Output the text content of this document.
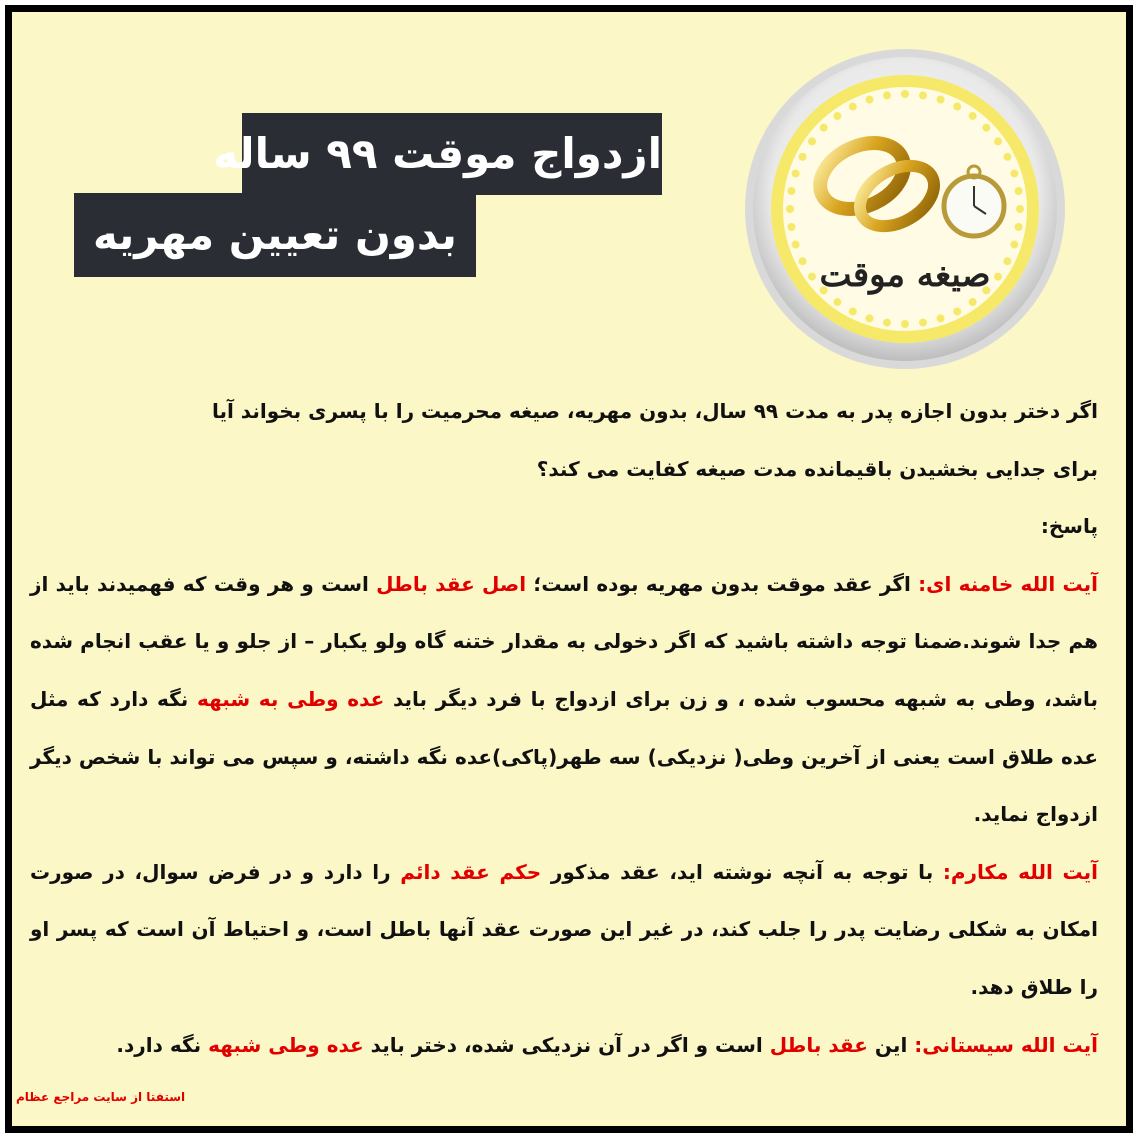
ازدواج موقت ۹۹ ساله
بدون تعیین مهریه
صیغه موقت

اگر دختر بدون اجازه پدر به مدت ۹۹ سال، بدون مهریه، صیغه محرمیت را با پسری بخواند آیا

برای جدایی بخشیدن باقیمانده مدت صیغه کفایت می کند؟

پاسخ:

آیت الله خامنه ای: اگر عقد موقت بدون مهریه بوده است؛ اصل عقد باطل است و هر وقت که فهمیدند باید از هم جدا شوند.ضمنا توجه داشته باشید که اگر دخولی به مقدار ختنه گاه ولو یکبار – از جلو و یا عقب انجام شده باشد، وطی به شبهه محسوب شده ، و زن برای ازدواج با فرد دیگر باید عده وطی به شبهه نگه دارد که مثل عده طلاق است یعنی از آخرین وطی( نزدیکی) سه طهر(پاکی)عده نگه داشته، و سپس می تواند با شخص دیگر ازدواج نماید.

آیت الله مکارم: با توجه به آنچه نوشته اید، عقد مذکور حکم عقد دائم را دارد و در فرض سوال، در صورت امکان به شکلی رضایت پدر را جلب کند، در غیر این صورت عقد آنها باطل است، و احتیاط آن است که پسر او را طلاق دهد.

آیت الله سیستانی: این عقد باطل است و اگر در آن نزدیکی شده، دختر باید عده وطی شبهه نگه دارد.

استفتا از سایت مراجع عظام
